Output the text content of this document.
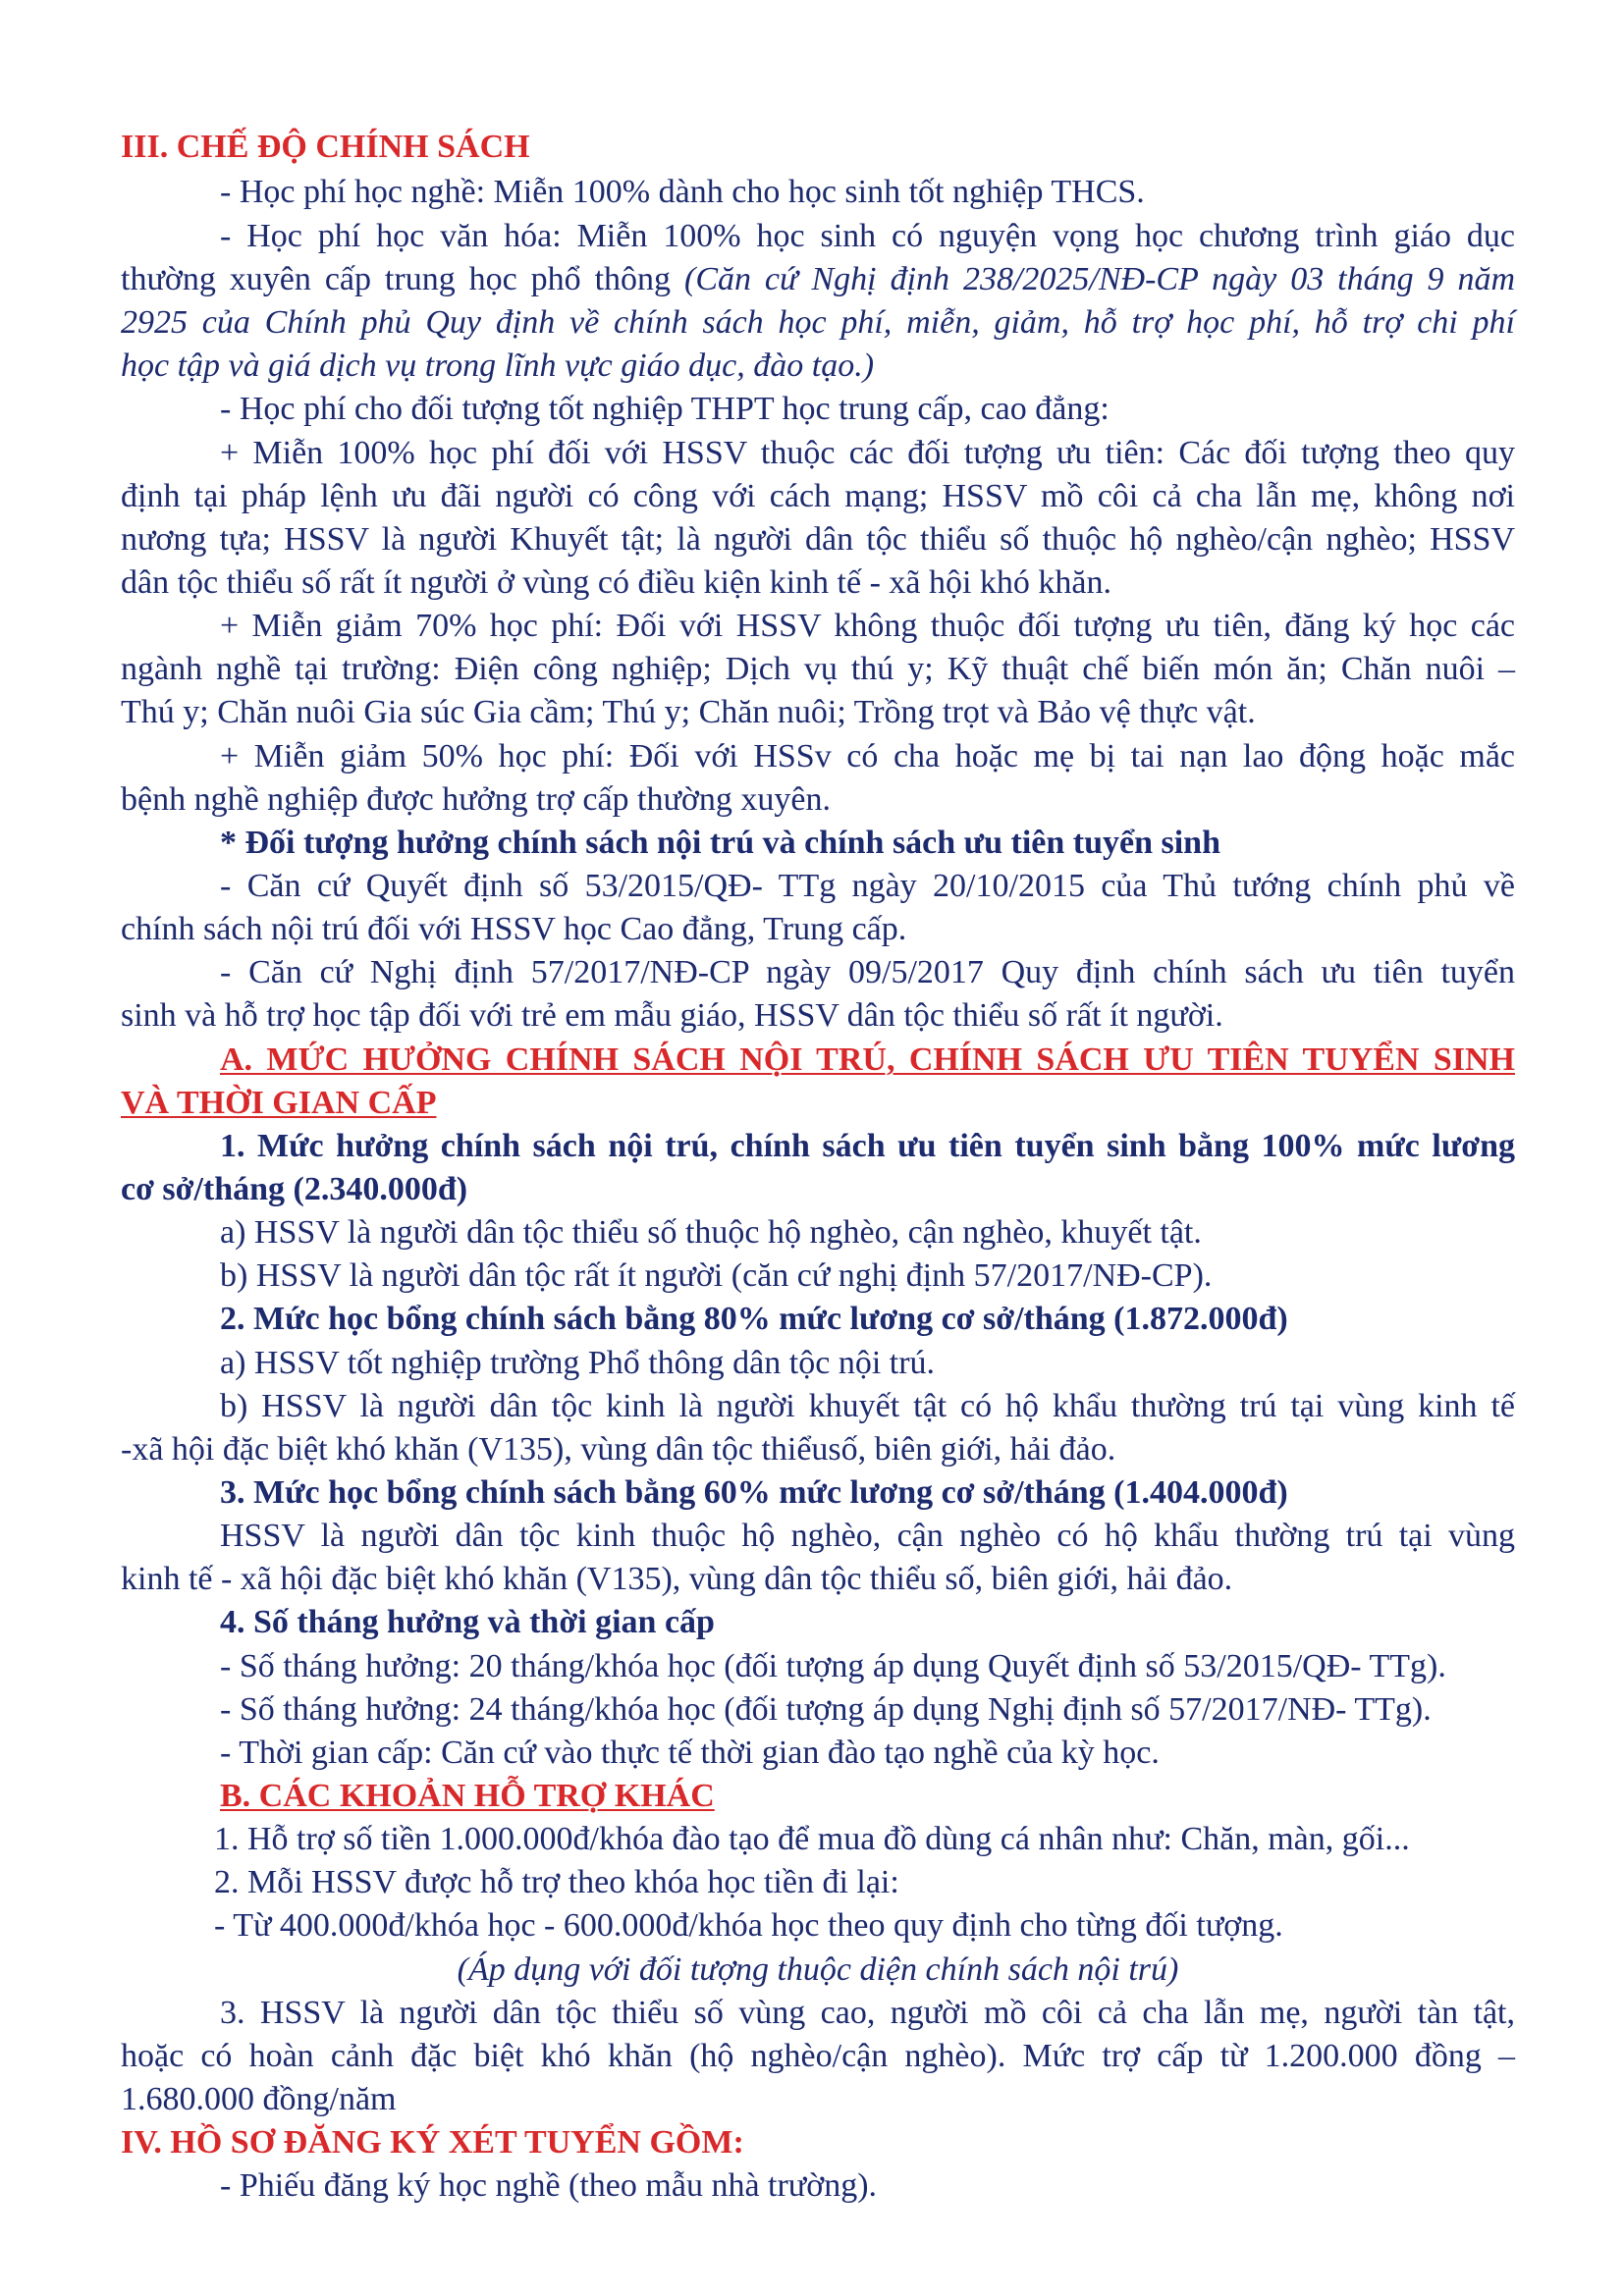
III. CHẾ ĐỘ CHÍNH SÁCH
- Học phí học nghề: Miễn 100% dành cho học sinh tốt nghiệp THCS.
- Học phí học văn hóa: Miễn 100% học sinh có nguyện vọng học chương trình giáo dục
thường xuyên cấp trung học phổ thông (Căn cứ Nghị định 238/2025/NĐ-CP ngày 03 tháng 9 năm
2925 của Chính phủ Quy định về chính sách học phí, miễn, giảm, hỗ trợ học phí, hỗ trợ chi phí
học tập và giá dịch vụ trong lĩnh vực giáo dục, đào tạo.)
- Học phí cho đối tượng tốt nghiệp THPT học trung cấp, cao đẳng:
+ Miễn 100% học phí đối với HSSV thuộc các đối tượng ưu tiên: Các đối tượng theo quy
định tại pháp lệnh ưu đãi người có công với cách mạng; HSSV mồ côi cả cha lẫn mẹ, không nơi
nương tựa; HSSV là người Khuyết tật; là người dân tộc thiểu số thuộc hộ nghèo/cận nghèo; HSSV
dân tộc thiểu số rất ít người ở vùng có điều kiện kinh tế - xã hội khó khăn.
+ Miễn giảm 70% học phí: Đối với HSSV không thuộc đối tượng ưu tiên, đăng ký học các
ngành nghề tại trường: Điện công nghiệp; Dịch vụ thú y; Kỹ thuật chế biến món ăn; Chăn nuôi –
Thú y; Chăn nuôi Gia súc Gia cầm; Thú y; Chăn nuôi; Trồng trọt và Bảo vệ thực vật.
+ Miễn giảm 50% học phí: Đối với HSSv có cha hoặc mẹ bị tai nạn lao động hoặc mắc
bệnh nghề nghiệp được hưởng trợ cấp thường xuyên.
* Đối tượng hưởng chính sách nội trú và chính sách ưu tiên tuyển sinh
- Căn cứ Quyết định số 53/2015/QĐ- TTg ngày 20/10/2015 của Thủ tướng chính phủ về
chính sách nội trú đối với HSSV học Cao đẳng, Trung cấp.
- Căn cứ Nghị định 57/2017/NĐ-CP ngày 09/5/2017 Quy định chính sách ưu tiên tuyển
sinh và hỗ trợ học tập đối với trẻ em mẫu giáo, HSSV dân tộc thiểu số rất ít người.
A. MỨC HƯỞNG CHÍNH SÁCH NỘI TRÚ, CHÍNH SÁCH ƯU TIÊN TUYỂN SINH
VÀ THỜI GIAN CẤP
1. Mức hưởng chính sách nội trú, chính sách ưu tiên tuyển sinh bằng 100% mức lương
cơ sở/tháng (2.340.000đ)
a) HSSV là người dân tộc thiểu số thuộc hộ nghèo, cận nghèo, khuyết tật.
b) HSSV là người dân tộc rất ít người (căn cứ nghị định 57/2017/NĐ-CP).
2. Mức học bổng chính sách bằng 80% mức lương cơ sở/tháng (1.872.000đ)
a) HSSV tốt nghiệp trường Phổ thông dân tộc nội trú.
b) HSSV là người dân tộc kinh là người khuyết tật có hộ khẩu thường trú tại vùng kinh tế
-xã hội đặc biệt khó khăn (V135), vùng dân tộc thiểusố, biên giới, hải đảo.
3. Mức học bổng chính sách bằng 60% mức lương cơ sở/tháng (1.404.000đ)
HSSV là người dân tộc kinh thuộc hộ nghèo, cận nghèo có hộ khẩu thường trú tại vùng
kinh tế - xã hội đặc biệt khó khăn (V135), vùng dân tộc thiểu số, biên giới, hải đảo.
4. Số tháng hưởng và thời gian cấp
- Số tháng hưởng: 20 tháng/khóa học (đối tượng áp dụng Quyết định số 53/2015/QĐ- TTg).
- Số tháng hưởng: 24 tháng/khóa học (đối tượng áp dụng Nghị định số 57/2017/NĐ- TTg).
- Thời gian cấp: Căn cứ vào thực tế thời gian đào tạo nghề của kỳ học.
B. CÁC KHOẢN HỖ TRỢ KHÁC
1. Hỗ trợ số tiền 1.000.000đ/khóa đào tạo để mua đồ dùng cá nhân như: Chăn, màn, gối...
2. Mỗi HSSV được hỗ trợ theo khóa học tiền đi lại:
- Từ 400.000đ/khóa học - 600.000đ/khóa học theo quy định cho từng đối tượng.
(Áp dụng với đối tượng thuộc diện chính sách nội trú)
3. HSSV là người dân tộc thiểu số vùng cao, người mồ côi cả cha lẫn mẹ, người tàn tật,
hoặc có hoàn cảnh đặc biệt khó khăn (hộ nghèo/cận nghèo). Mức trợ cấp từ 1.200.000 đồng –
1.680.000 đồng/năm
IV. HỒ SƠ ĐĂNG KÝ XÉT TUYỂN GỒM:
- Phiếu đăng ký học nghề (theo mẫu nhà trường).
